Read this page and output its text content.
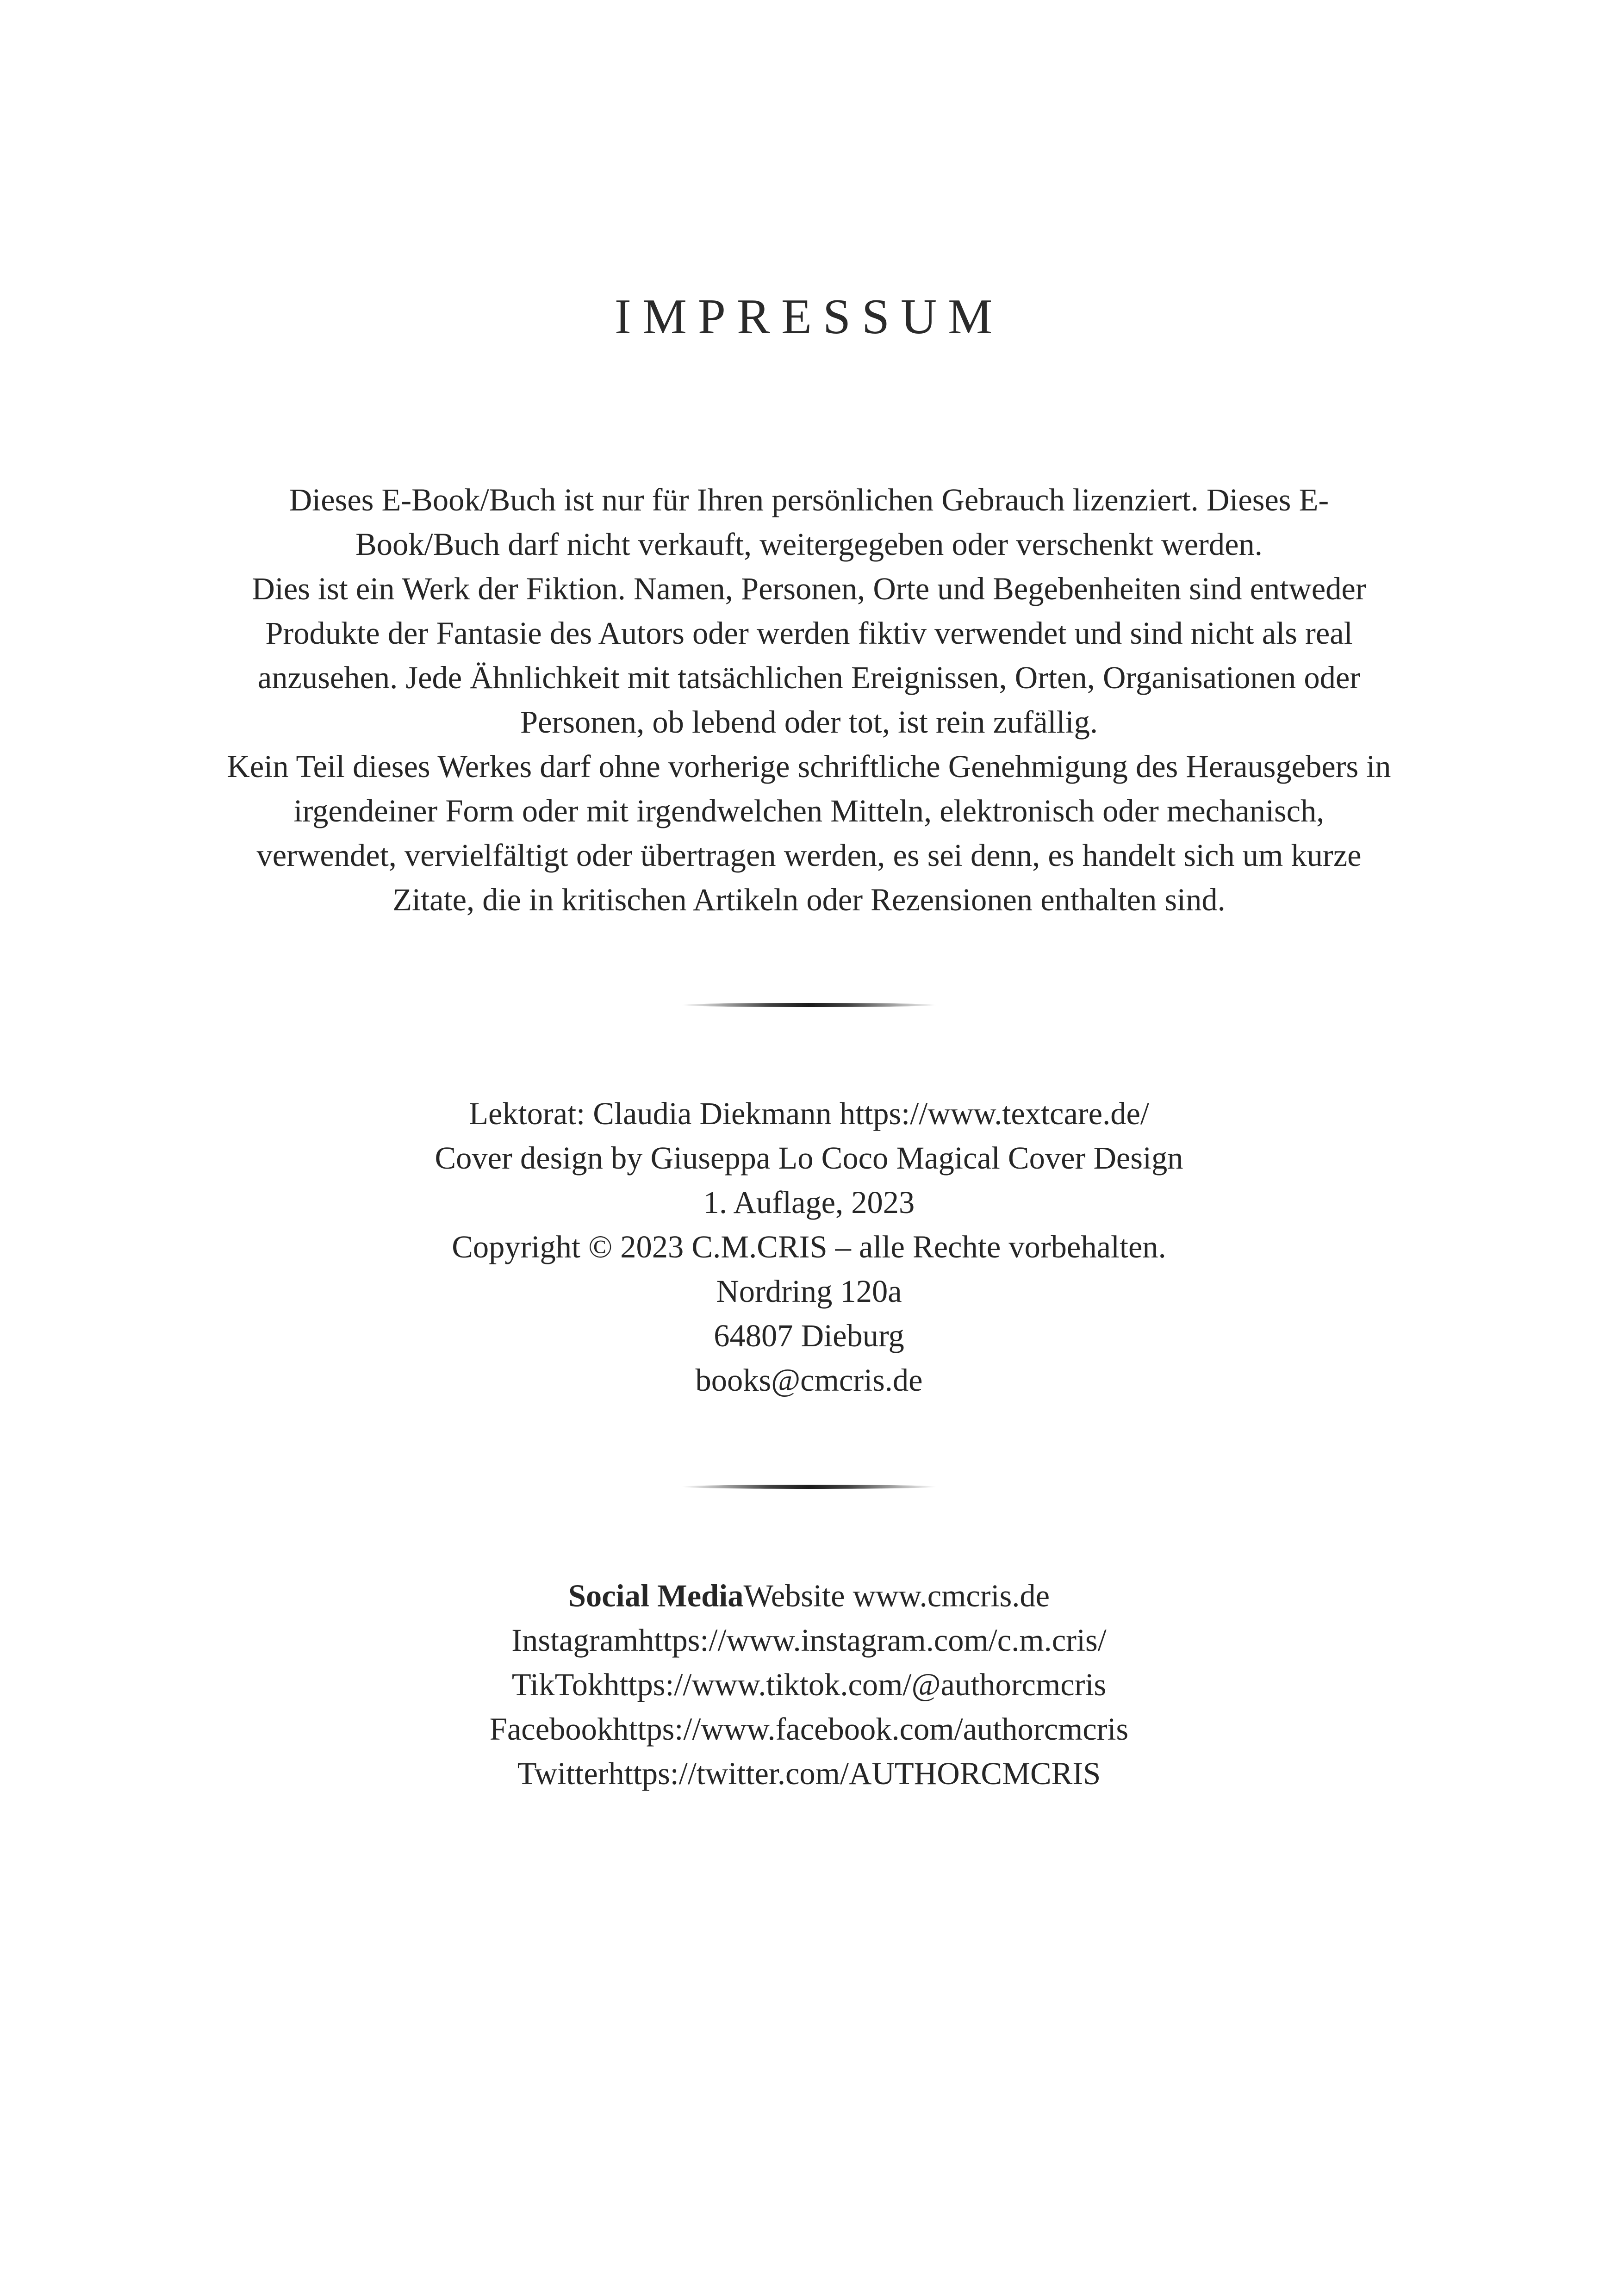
IMPRESSUM

Dieses E-Book/Buch ist nur für Ihren persönlichen Gebrauch lizenziert. Dieses E-

Book/Buch darf nicht verkauft, weitergegeben oder verschenkt werden.

Dies ist ein Werk der Fiktion. Namen, Personen, Orte und Begebenheiten sind entweder

Produkte der Fantasie des Autors oder werden fiktiv verwendet und sind nicht als real

anzusehen. Jede Ähnlichkeit mit tatsächlichen Ereignissen, Orten, Organisationen oder

Personen, ob lebend oder tot, ist rein zufällig.

Kein Teil dieses Werkes darf ohne vorherige schriftliche Genehmigung des Herausgebers in

irgendeiner Form oder mit irgendwelchen Mitteln, elektronisch oder mechanisch,

verwendet, vervielfältigt oder übertragen werden, es sei denn, es handelt sich um kurze

Zitate, die in kritischen Artikeln oder Rezensionen enthalten sind.

Lektorat: Claudia Diekmann https://www.textcare.de/

Cover design by Giuseppa Lo Coco Magical Cover Design

1. Auflage, 2023

Copyright © 2023 C.M.CRIS – alle Rechte vorbehalten.

Nordring 120a

64807 Dieburg

books@cmcris.de

Social MediaWebsite www.cmcris.de

Instagramhttps://www.instagram.com/c.m.cris/

TikTokhttps://www.tiktok.com/@authorcmcris

Facebookhttps://www.facebook.com/authorcmcris

Twitterhttps://twitter.com/AUTHORCMCRIS
